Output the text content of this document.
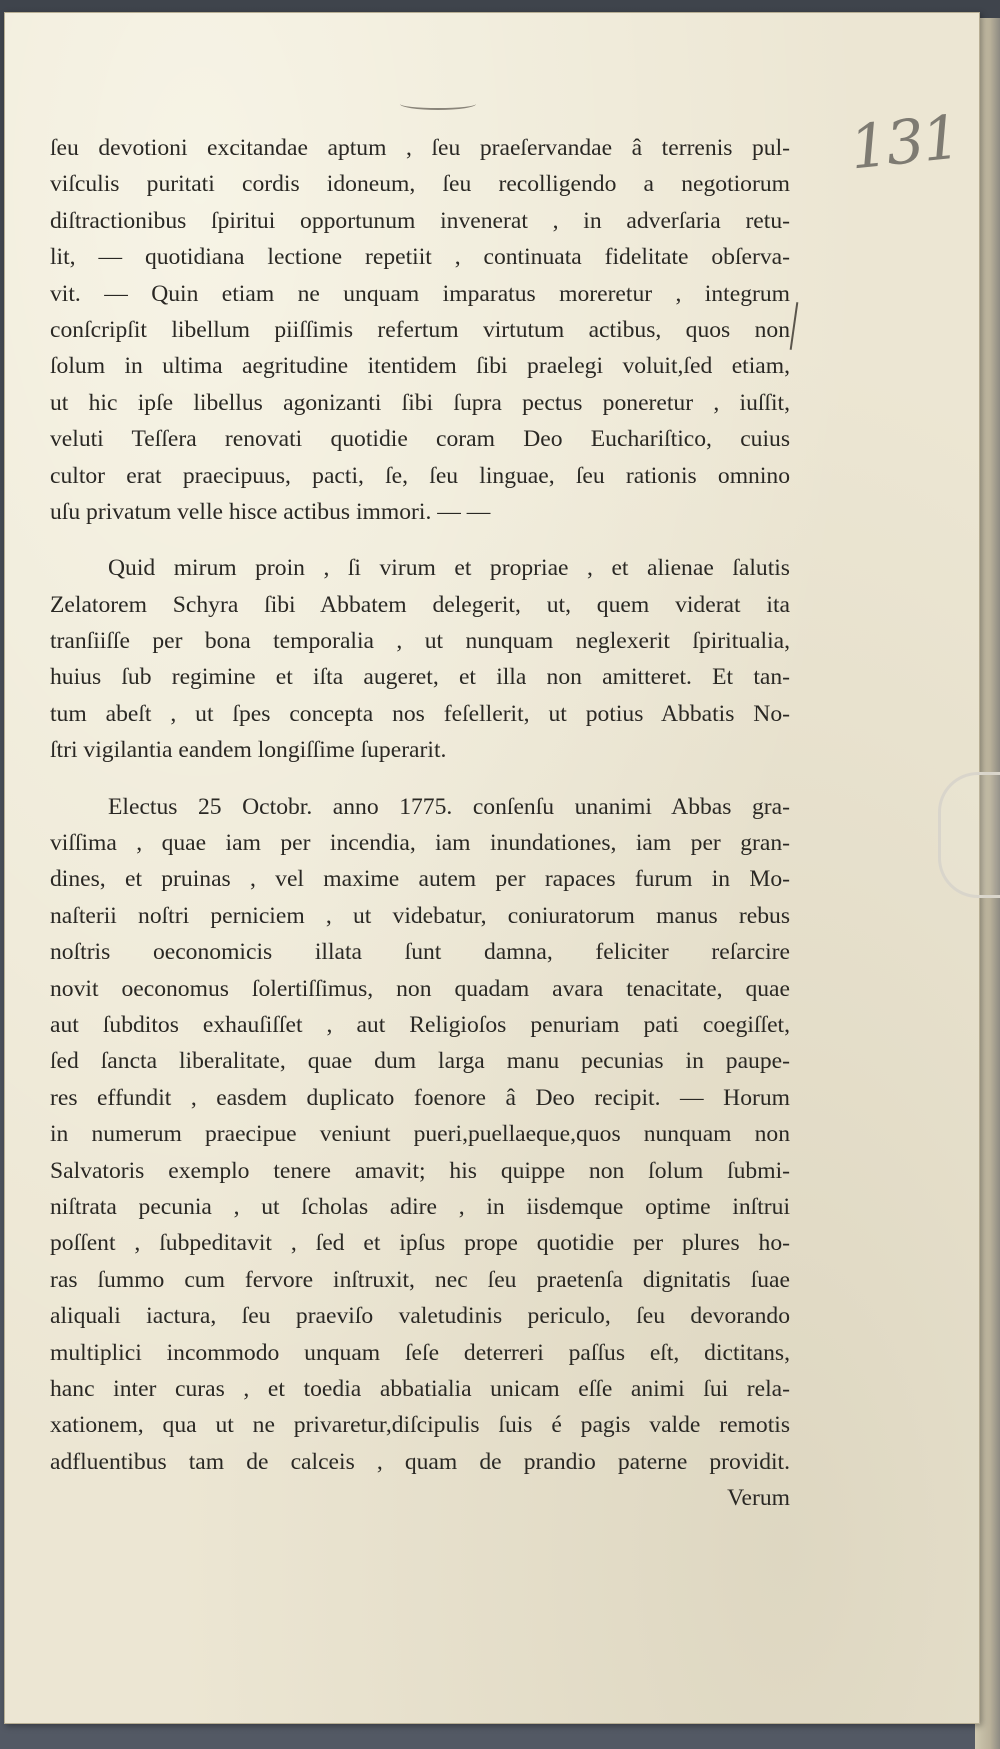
131

ſeu devotioni excitandae aptum , ſeu praeſervandae â terrenis pul-
viſculis puritati cordis idoneum, ſeu recolligendo a negotiorum
diſtractionibus ſpiritui opportunum invenerat , in adverſaria retu-
lit, — quotidiana lectione repetiit , continuata fidelitate obſerva-
vit. — Quin etiam ne unquam imparatus moreretur , integrum
conſcripſit libellum piiſſimis refertum virtutum actibus, quos non
ſolum in ultima aegritudine itentidem ſibi praelegi voluit,ſed etiam,
ut hic ipſe libellus agonizanti ſibi ſupra pectus poneretur , iuſſit,
veluti Teſſera renovati quotidie coram Deo Euchariſtico, cuius
cultor erat praecipuus, pacti, ſe, ſeu linguae, ſeu rationis omnino
uſu privatum velle hisce actibus immori. — —
Quid mirum proin , ſi virum et propriae , et alienae ſalutis
Zelatorem Schyra ſibi Abbatem delegerit, ut, quem viderat ita
tranſiiſſe per bona temporalia , ut nunquam neglexerit ſpiritualia,
huius ſub regimine et iſta augeret, et illa non amitteret. Et tan-
tum abeſt , ut ſpes concepta nos feſellerit, ut potius Abbatis No-
ſtri vigilantia eandem longiſſime ſuperarit.
Electus 25 Octobr. anno 1775. conſenſu unanimi Abbas gra-
viſſima , quae iam per incendia, iam inundationes, iam per gran-
dines, et pruinas , vel maxime autem per rapaces furum in Mo-
naſterii noſtri perniciem , ut videbatur, coniuratorum manus rebus
noſtris oeconomicis illata ſunt damna, feliciter reſarcire
novit oeconomus ſolertiſſimus, non quadam avara tenacitate, quae
aut ſubditos exhauſiſſet , aut Religioſos penuriam pati coegiſſet,
ſed ſancta liberalitate, quae dum larga manu pecunias in paupe-
res effundit , easdem duplicato foenore â Deo recipit. — Horum
in numerum praecipue veniunt pueri,puellaeque,quos nunquam non
Salvatoris exemplo tenere amavit; his quippe non ſolum ſubmi-
niſtrata pecunia , ut ſcholas adire , in iisdemque optime inſtrui
poſſent , ſubpeditavit , ſed et ipſus prope quotidie per plures ho-
ras ſummo cum fervore inſtruxit, nec ſeu praetenſa dignitatis ſuae
aliquali iactura, ſeu praeviſo valetudinis periculo, ſeu devorando
multiplici incommodo unquam ſeſe deterreri paſſus eſt, dictitans,
hanc inter curas , et toedia abbatialia unicam eſſe animi ſui rela-
xationem, qua ut ne privaretur,diſcipulis ſuis é pagis valde remotis
adfluentibus tam de calceis , quam de prandio paterne providit.
Verum
